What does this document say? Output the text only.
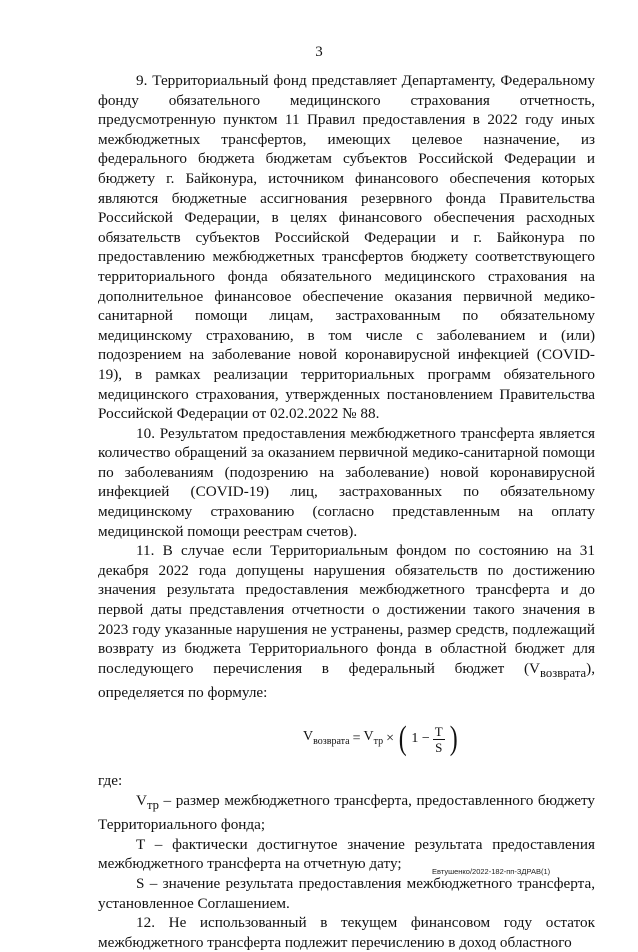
3

9. Территориальный фонд представляет Департаменту, Федеральному фонду обязательного медицинского страхования отчетность, предусмотренную пунктом 11 Правил предоставления в 2022 году иных межбюджетных трансфертов, имеющих целевое назначение, из федерального бюджета бюджетам субъектов Российской Федерации и бюджету г. Байконура, источником финансового обеспечения которых являются бюджетные ассигнования резервного фонда Правительства Российской Федерации, в целях финансового обеспечения расходных обязательств субъектов Российской Федерации и г. Байконура по предоставлению межбюджетных трансфертов бюджету соответствующего территориального фонда обязательного медицинского страхования на дополнительное финансовое обеспечение оказания первичной медико-санитарной помощи лицам, застрахованным по обязательному медицинскому страхованию, в том числе с заболеванием и (или) подозрением на заболевание новой коронавирусной инфекцией (COVID-19), в рамках реализации территориальных программ обязательного медицинского страхования, утвержденных постановлением Правительства Российской Федерации от 02.02.2022 № 88.

10. Результатом предоставления межбюджетного трансферта является количество обращений за оказанием первичной медико-санитарной помощи по заболеваниям (подозрению на заболевание) новой коронавирусной инфекцией (COVID-19) лиц, застрахованных по обязательному медицинскому страхованию (согласно представленным на оплату медицинской помощи реестрам счетов).

11. В случае если Территориальным фондом по состоянию на 31 декабря 2022 года допущены нарушения обязательств по достижению значения результата предоставления межбюджетного трансферта и до первой даты представления отчетности о достижении такого значения в 2023 году указанные нарушения не устранены, размер средств, подлежащий возврату из бюджета Территориального фонда в областной бюджет для последующего перечисления в федеральный бюджет $(V_{возврата})$, определяется по формуле:

$V_{возврата} = V_{тр}$ × ( $1 - \frac{T}{S}$ )

где:

$V_{тр}$ – размер межбюджетного трансферта, предоставленного бюджету Территориального фонда;

T – фактически достигнутое значение результата предоставления межбюджетного трансферта на отчетную дату;

S – значение результата предоставления межбюджетного трансферта, установленное Соглашением.

12. Не использованный в текущем финансовом году остаток межбюджетного трансферта подлежит перечислению в доход областного

Евтушенко/2022-182-пп-ЗДРАВ(1)
